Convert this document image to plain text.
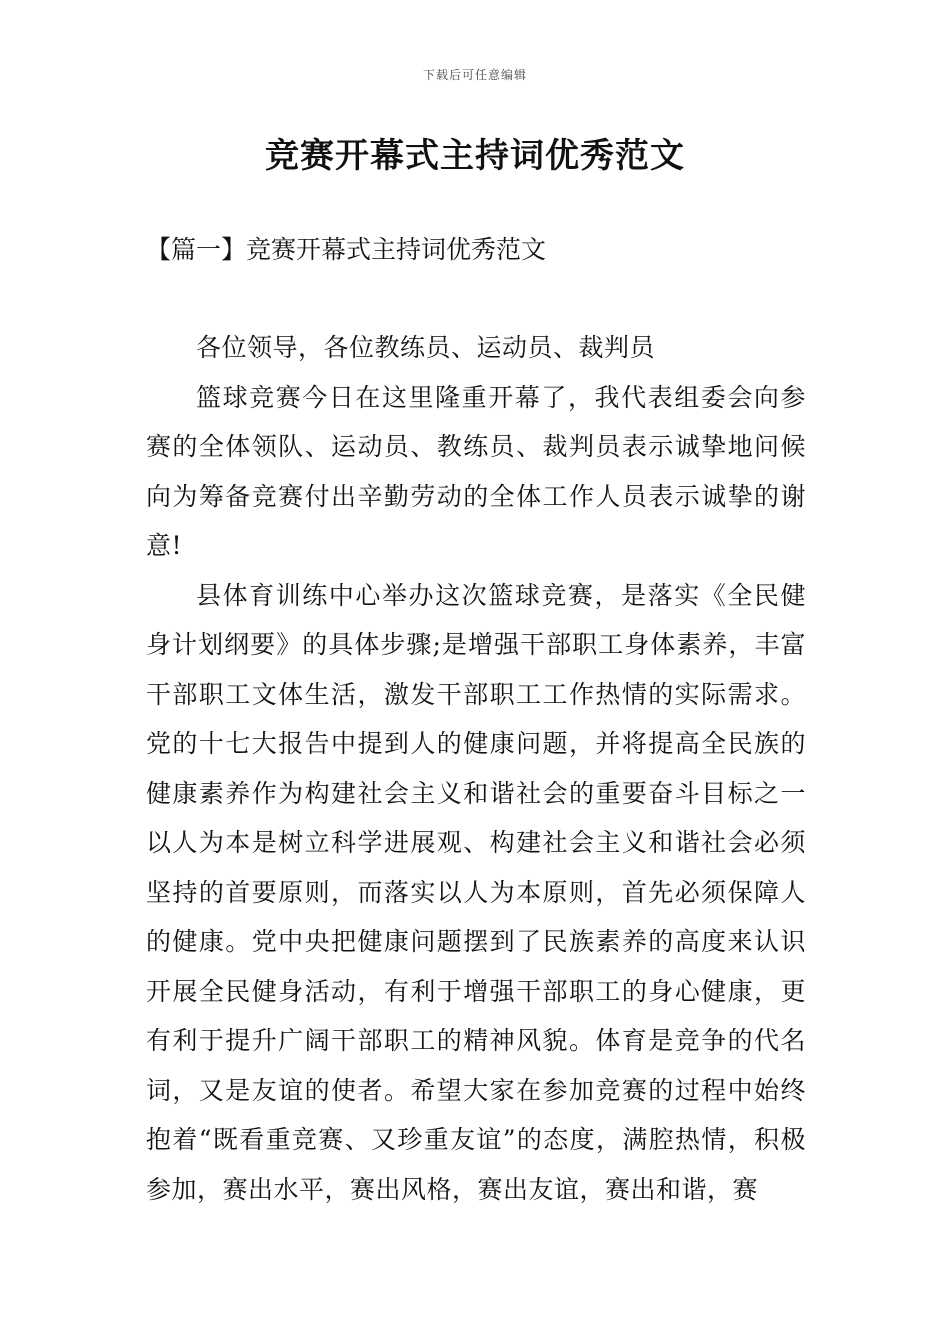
下载后可任意编辑
竞赛开幕式主持词优秀范文
【篇一】竞赛开幕式主持词优秀范文

各位领导，各位教练员、运动员、裁判员

篮球竞赛今日在这里隆重开幕了，我代表组委会向参赛的全体领队、运动员、教练员、裁判员表示诚挚地问候向为筹备竞赛付出辛勤劳动的全体工作人员表示诚挚的谢意!

县体育训练中心举办这次篮球竞赛，是落实《全民健身计划纲要》的具体步骤;是增强干部职工身体素养，丰富干部职工文体生活，激发干部职工工作热情的实际需求。党的十七大报告中提到人的健康问题，并将提高全民族的健康素养作为构建社会主义和谐社会的重要奋斗目标之一以人为本是树立科学进展观、构建社会主义和谐社会必须坚持的首要原则，而落实以人为本原则，首先必须保障人的健康。党中央把健康问题摆到了民族素养的高度来认识开展全民健身活动，有利于增强干部职工的身心健康，更有利于提升广阔干部职工的精神风貌。体育是竞争的代名词，又是友谊的使者。希望大家在参加竞赛的过程中始终抱着“既看重竞赛、又珍重友谊”的态度，满腔热情，积极参加，赛出水平，赛出风格，赛出友谊，赛出和谐，赛
